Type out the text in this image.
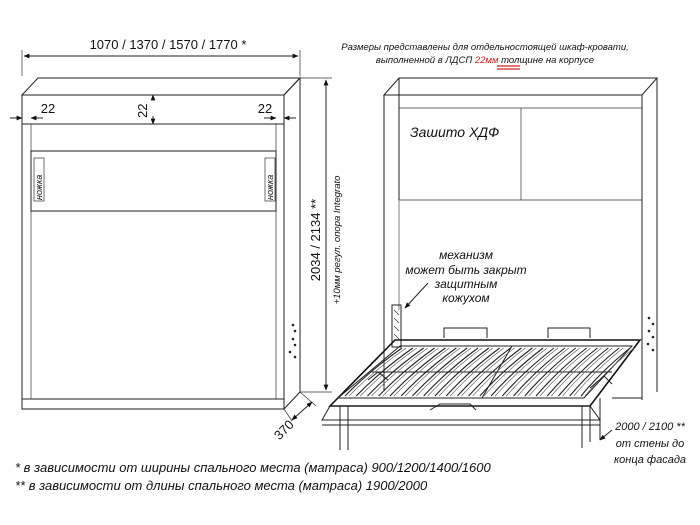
1070 / 1370 / 1570 / 1770 *
ножка	ножка
22	22	22
2034 / 2134 ** +10мм регул. опора Integrato
370
Размеры представлены для отдельностоящей шкаф-кровати,
выполненной в ЛДСП 22мм толщине на корпусе
Зашито ХДФ
механизм
может быть закрыт
защитным
кожухом
2000 / 2100 **
от стены до
конца фасада
* в зависимости от ширины спального места (матраса) 900/1200/1400/1600
** в зависимости от длины спального места (матраса) 1900/2000
